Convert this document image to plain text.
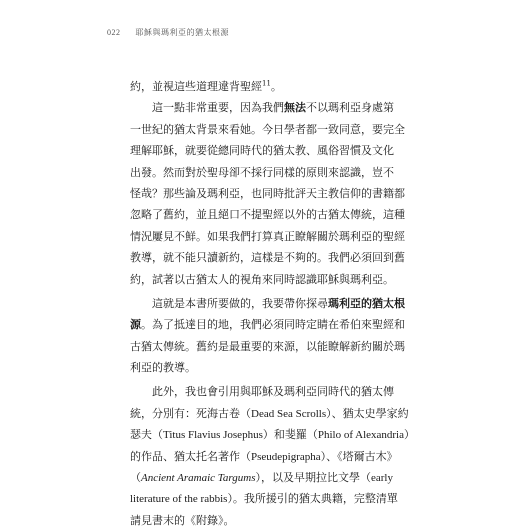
022 耶穌與瑪利亞的猶太根源
約，並視這些道理違背聖經$^{11}$。
這一點非常重要，因為我們無法不以瑪利亞身處第
一世紀的猶太背景來看她。今日學者都一致同意，要完全
理解耶穌，就要從總同時代的猶太教、風俗習慣及文化
出發。然而對於聖母卻不採行同樣的原則來認識，豈不
怪哉？那些論及瑪利亞，也同時批評天主教信仰的書籍都
忽略了舊約，並且絕口不提聖經以外的古猶太傳統，這種
情況屢見不鮮。如果我們打算真正瞭解關於瑪利亞的聖經
教導，就不能只讀新約，這樣是不夠的。我們必須回到舊
約，試著以古猶太人的視角來同時認識耶穌與瑪利亞。
這就是本書所要做的，我要帶你探尋瑪利亞的猶太根
源。為了抵達目的地，我們必須同時定睛在希伯來聖經和
古猶太傳統。舊約是最重要的來源，以能瞭解新約關於瑪
利亞的教導。
此外，我也會引用與耶穌及瑪利亞同時代的猶太傳
統，分別有：死海古卷（Dead Sea Scrolls）、猶太史學家約
瑟夫（Titus Flavius Josephus）和斐羅（Philo of Alexandria）
的作品、猶太托名著作（Pseudepigrapha）、《塔爾古木》
（Ancient Aramaic Targums），以及早期拉比文學（early
literature of the rabbis）。我所援引的猶太典籍，完整清單
請見書末的《附錄》。
